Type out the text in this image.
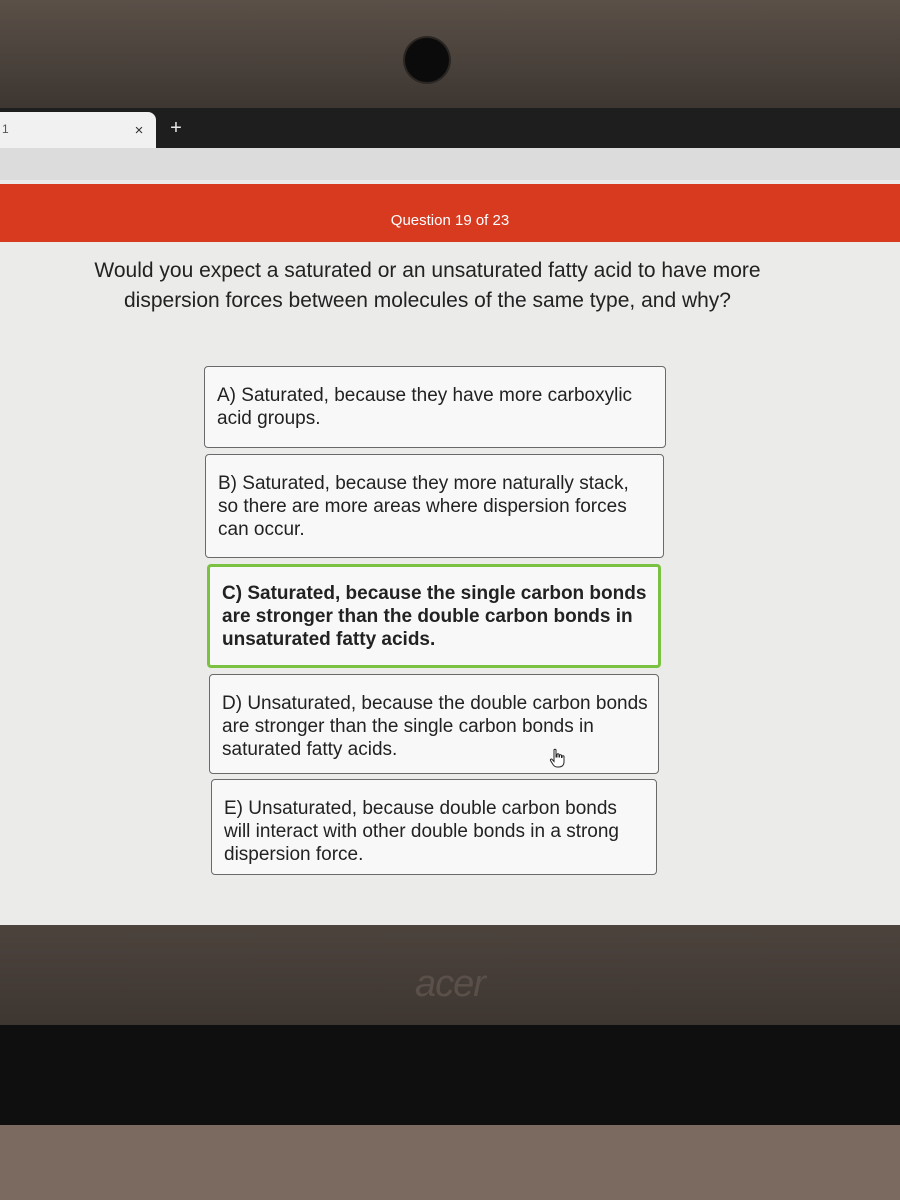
1	× +
Question 19 of 23
Would you expect a saturated or an unsaturated fatty acid to have more dispersion forces between molecules of the same type, and why?
A) Saturated, because they have more carboxylic acid groups.
B) Saturated, because they more naturally stack, so there are more areas where dispersion forces can occur.
C) Saturated, because the single carbon bonds are stronger than the double carbon bonds in unsaturated fatty acids.
D) Unsaturated, because the double carbon bonds are stronger than the single carbon bonds in saturated fatty acids.
E) Unsaturated, because double carbon bonds will interact with other double bonds in a strong dispersion force.
acer
